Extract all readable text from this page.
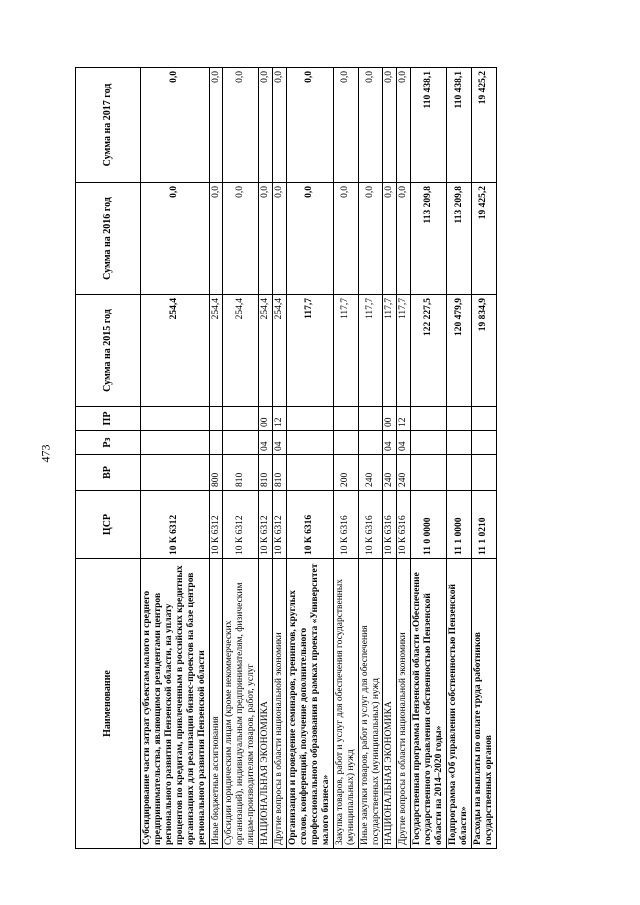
473
Наименование	ЦСР	ВР	Рз	ПР	Сумма на 2015 год	Сумма на 2016 год	Сумма на 2017 год
Субсидирование части затрат субъектам малого и среднего предпринимательства, являющимся резидентами центров регионального развития Пензенской области, на уплату процентов по кредитам, привлеченным в российских кредитных организациях для реализации бизнес-проектов на базе центров регионального развития Пензенской области	10 К 6312				254,4	0,0	0,0
Иные бюджетные ассигнования	10 К 6312	800			254,4	0,0	0,0
Субсидии юридическим лицам (кроме некоммерческих организаций), индивидуальным предпринимателям, физическим лицам-производителям товаров, работ, услуг	10 К 6312	810			254,4	0,0	0,0
НАЦИОНАЛЬНАЯ ЭКОНОМИКА	10 К 6312	810	04	00	254,4	0,0	0,0
Другие вопросы в области национальной экономики	10 К 6312	810	04	12	254,4	0,0	0,0
Организация и проведение семинаров, тренингов, круглых столов, конференций, получение дополнительного профессионального образования в рамках проекта «Университет малого бизнеса»	10 К 6316				117,7	0,0	0,0
Закупка товаров, работ и услуг для обеспечения государственных (муниципальных) нужд	10 К 6316	200			117,7	0,0	0,0
Иные закупки товаров, работ и услуг для обеспечения государственных (муниципальных) нужд	10 К 6316	240			117,7	0,0	0,0
НАЦИОНАЛЬНАЯ ЭКОНОМИКА	10 К 6316	240	04	00	117,7	0,0	0,0
Другие вопросы в области национальной экономики	10 К 6316	240	04	12	117,7	0,0	0,0
Государственная программа Пензенской области «Обеспечение государственного управления собственностью Пензенской области на 2014–2020 годы»	11 0 0000				122 227,5	113 209,8	110 438,1
Подпрограмма «Об управлении собственностью Пензенской области»	11 1 0000				120 479,9	113 209,8	110 438,1
Расходы на выплаты по оплате труда работников государственных органов	11 1 0210				19 834,9	19 425,2	19 425,2
